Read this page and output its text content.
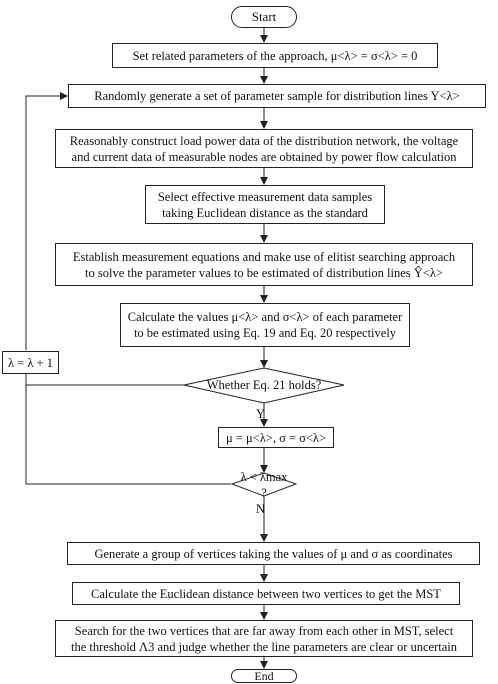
Start
Set related parameters of the approach, μ<λ> = σ<λ> = 0
Randomly generate a set of parameter sample for distribution lines Y<λ>
Reasonably construct load power data of the distribution network, the voltage
and current data of measurable nodes are obtained by power flow calculation
Select effective measurement data samples
taking Euclidean distance as the standard
Establish measurement equations and make use of elitist searching approach
to solve the parameter values to be estimated of distribution lines Ŷ<λ>
Calculate the values μ<λ> and σ<λ> of each parameter
to be estimated using Eq. 19 and Eq. 20 respectively
Whether Eq. 21 holds?
Y
μ = μ<λ>, σ = σ<λ>
λ < λmax ?
N
λ = λ + 1
Generate a group of vertices taking the values of μ and σ as coordinates
Calculate the Euclidean distance between two vertices to get the MST
Search for the two vertices that are far away from each other in MST, select
the threshold Λ3 and judge whether the line parameters are clear or uncertain
End
